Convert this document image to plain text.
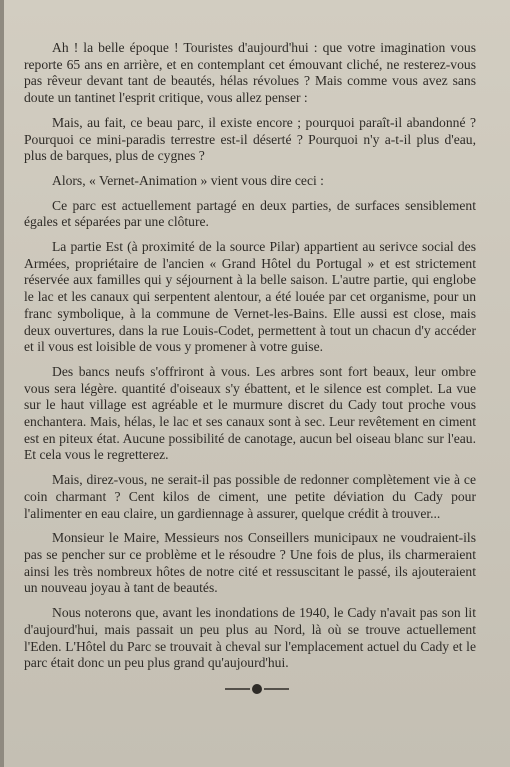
Ah ! la belle époque ! Touristes d'aujourd'hui : que votre imagination vous reporte 65 ans en arrière, et en contemplant cet émouvant cliché, ne resterez-vous pas rêveur devant tant de beautés, hélas révolues ? Mais comme vous avez sans doute un tantinet l'esprit critique, vous allez penser :

Mais, au fait, ce beau parc, il existe encore ; pourquoi paraît-il abandonné ? Pourquoi ce mini-paradis terrestre est-il déserté ? Pourquoi n'y a-t-il plus d'eau, plus de barques, plus de cygnes ?

Alors, « Vernet-Animation » vient vous dire ceci :

Ce parc est actuellement partagé en deux parties, de surfaces sensiblement égales et séparées par une clôture.

La partie Est (à proximité de la source Pilar) appartient au serivce social des Armées, propriétaire de l'ancien « Grand Hôtel du Portugal » et est strictement réservée aux familles qui y séjournent à la belle saison. L'autre partie, qui englobe le lac et les canaux qui serpentent alentour, a été louée par cet organisme, pour un franc symbolique, à la commune de Vernet-les-Bains. Elle aussi est close, mais deux ouvertures, dans la rue Louis-Codet, permettent à tout un chacun d'y accéder et il vous est loisible de vous y promener à votre guise.

Des bancs neufs s'offriront à vous. Les arbres sont fort beaux, leur ombre vous sera légère. quantité d'oiseaux s'y ébattent, et le silence est complet. La vue sur le haut village est agréable et le murmure discret du Cady tout proche vous enchantera. Mais, hélas, le lac et ses canaux sont à sec. Leur revêtement en ciment est en piteux état. Aucune possibilité de canotage, aucun bel oiseau blanc sur l'eau. Et cela vous le regretterez.

Mais, direz-vous, ne serait-il pas possible de redonner complètement vie à ce coin charmant ? Cent kilos de ciment, une petite déviation du Cady pour l'alimenter en eau claire, un gardiennage à assurer, quelque crédit à trouver...

Monsieur le Maire, Messieurs nos Conseillers municipaux ne voudraient-ils pas se pencher sur ce problème et le résoudre ? Une fois de plus, ils charmeraient ainsi les très nombreux hôtes de notre cité et ressuscitant le passé, ils ajouteraient un nouveau joyau à tant de beautés.

Nous noterons que, avant les inondations de 1940, le Cady n'avait pas son lit d'aujourd'hui, mais passait un peu plus au Nord, là où se trouve actuellement l'Eden. L'Hôtel du Parc se trouvait à cheval sur l'emplacement actuel du Cady et le parc était donc un peu plus grand qu'aujourd'hui.
